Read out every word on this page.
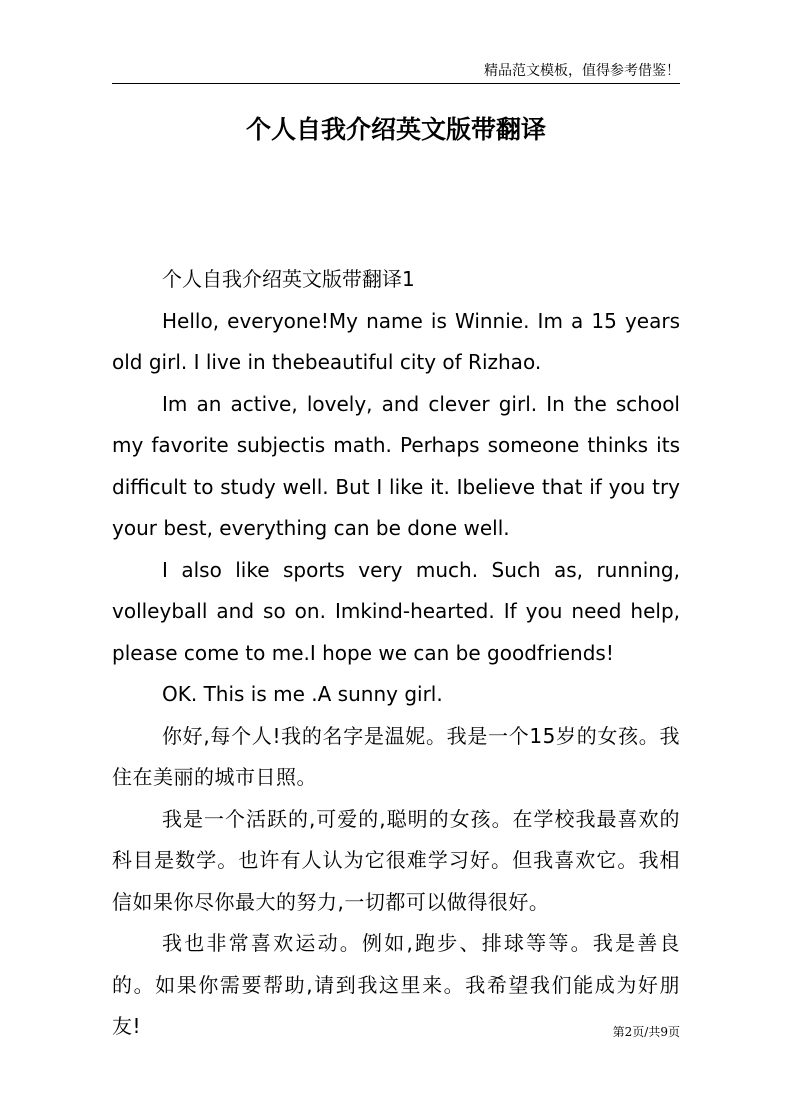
精品范文模板，值得参考借鉴！
个人自我介绍英文版带翻译

个人自我介绍英文版带翻译1

Hello, everyone!My name is Winnie. Im a 15 years old girl. I live in thebeautiful city of Rizhao.

Im an active, lovely, and clever girl. In the school my favorite subjectis math. Perhaps someone thinks its difficult to study well. But I like it. Ibelieve that if you try your best, everything can be done well.

I also like sports very much. Such as, running, volleyball and so on. Imkind-hearted. If you need help, please come to me.I hope we can be goodfriends!

OK. This is me .A sunny girl.

你好,每个人!我的名字是温妮。我是一个15岁的女孩。我住在美丽的城市日照。

我是一个活跃的,可爱的,聪明的女孩。在学校我最喜欢的科目是数学。也许有人认为它很难学习好。但我喜欢它。我相信如果你尽你最大的努力,一切都可以做得很好。

我也非常喜欢运动。例如,跑步、排球等等。我是善良的。如果你需要帮助,请到我这里来。我希望我们能成为好朋友!	第2页/共9页
